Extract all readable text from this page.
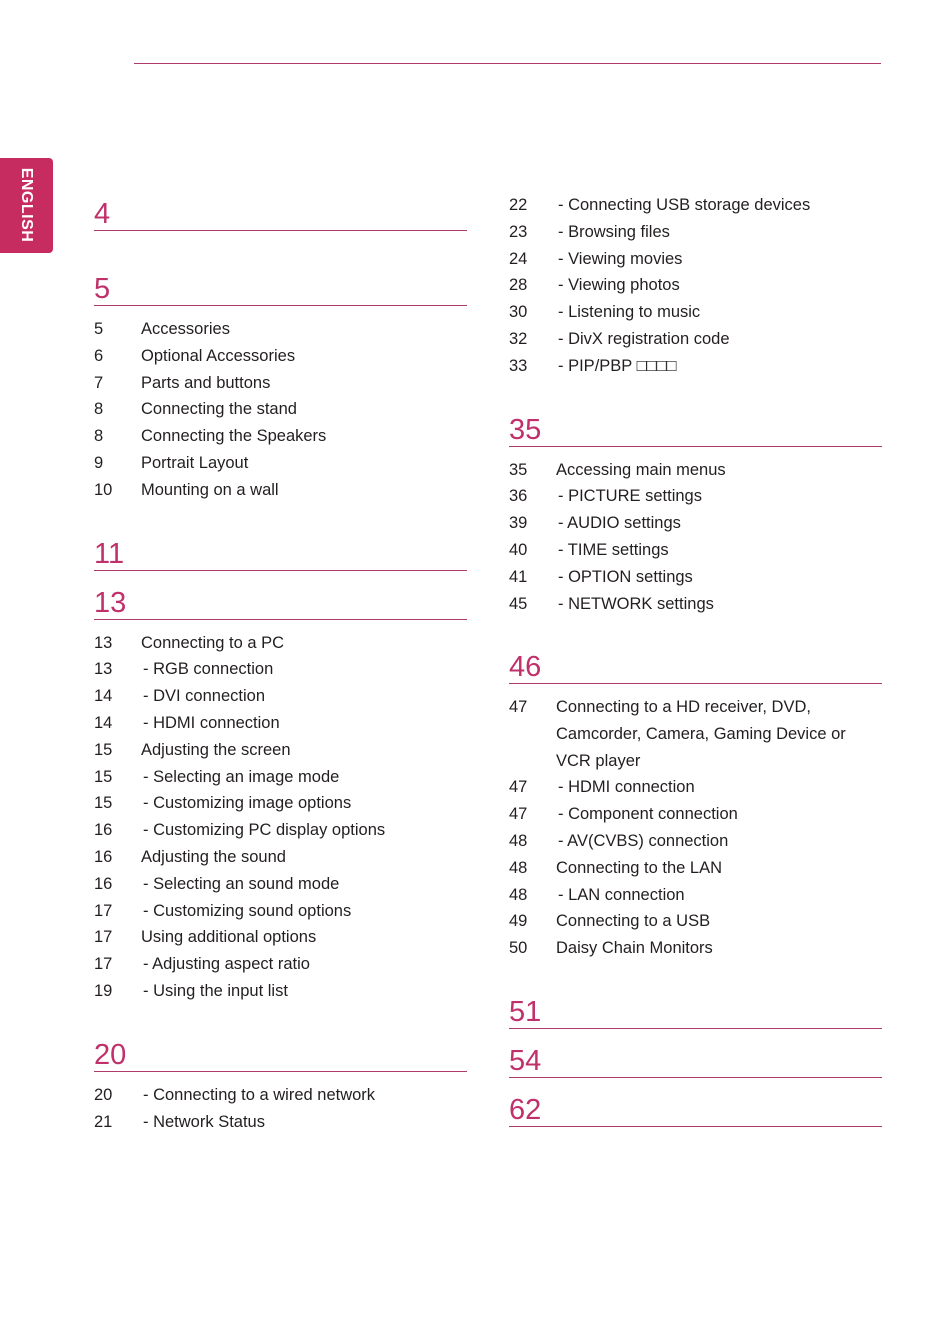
ENGLISH 4
5
5 Accessories
6 Optional Accessories
7 Parts and buttons
8 Connecting the stand
8 Connecting the Speakers
9 Portrait Layout
10 Mounting on a wall
11
13
13 Connecting to a PC
13	- RGB connection
14	- DVI connection
14	- HDMI connection
15 Adjusting the screen
15	- Selecting an image mode
15	- Customizing image options
16	- Customizing PC display options
16 Adjusting the sound
16	- Selecting an sound mode
17	- Customizing sound options
17 Using additional options
17	- Adjusting aspect ratio
19	- Using the input list
20
20	- Connecting to a wired network
21	- Network Status
22	- Connecting USB storage devices
23	- Browsing files
24	- Viewing movies
28	- Viewing photos
30	- Listening to music
32	- DivX registration code
33	- PIP/PBP □□□□
35
35 Accessing main menus
36	- PICTURE settings
39	- AUDIO settings
40	- TIME settings
41	- OPTION settings
45	- NETWORK settings
46
47 Connecting to a HD receiver, DVD, Camcorder, Camera, Gaming Device or VCR player
47	- HDMI connection
47	- Component connection
48	- AV(CVBS) connection
48 Connecting to the LAN
48	- LAN connection
49 Connecting to a USB
50 Daisy Chain Monitors
51
54
62
